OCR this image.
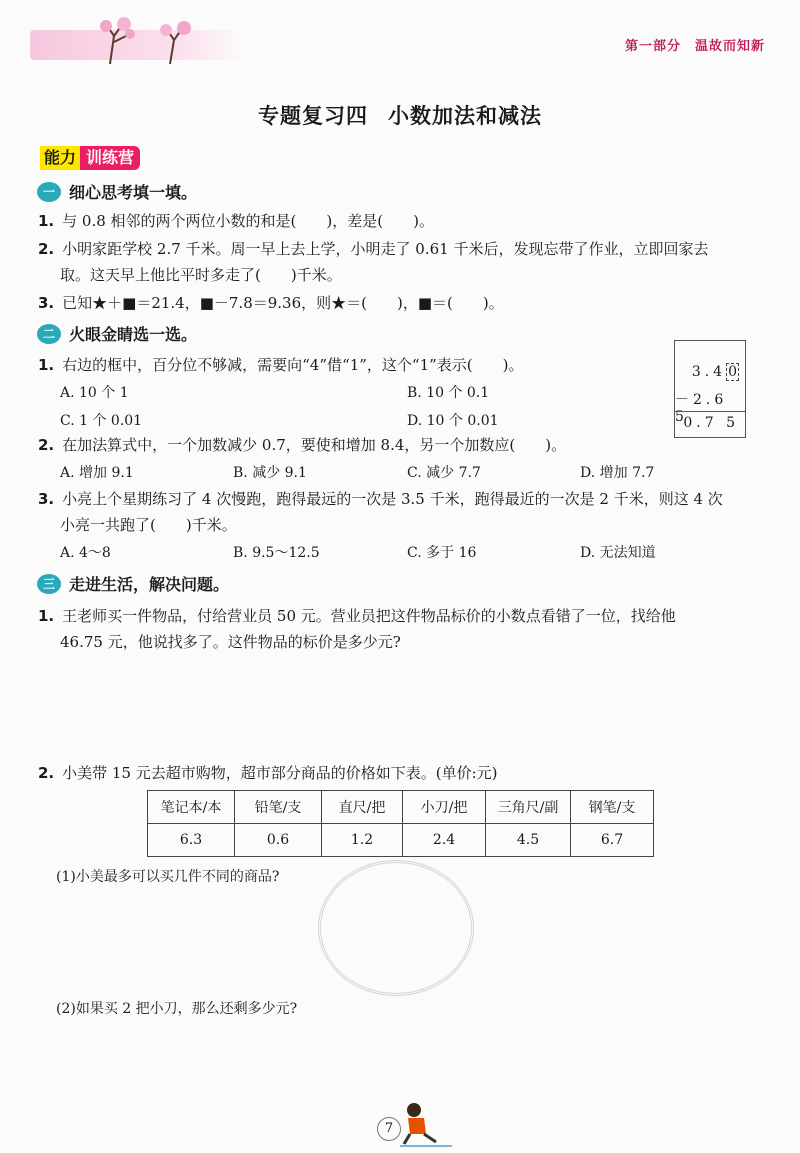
第一部分 温故而知新
专题复习四 小数加法和减法
能力 训练营
一 细心思考填一填。
1. 与 0.8 相邻的两个两位小数的和是(　　)，差是(　　)。
2. 小明家距学校 2.7 千米。周一早上去上学，小明走了 0.61 千米后，发现忘带了作业，立即回家去
取。这天早上他比平时多走了(　　)千米。
3. 已知★＋■＝21.4，■－7.8＝9.36，则★＝(　　)，■＝(　　)。
二 火眼金睛选一选。
1. 右边的框中，百分位不够减，需要向“4”借“1”，这个“1”表示(　　)。
A. 10 个 1	B. 10 个 0.1
C. 1 个 0.01	D. 10 个 0.01
3.4 0
－2.6 5
0.7 5
2. 在加法算式中，一个加数减少 0.7，要使和增加 8.4，另一个加数应(　　)。
A. 增加 9.1	B. 减少 9.1	C. 减少 7.7	D. 增加 7.7
3. 小亮上个星期练习了 4 次慢跑，跑得最远的一次是 3.5 千米，跑得最近的一次是 2 千米，则这 4 次
小亮一共跑了(　　)千米。
A. 4～8	B. 9.5～12.5	C. 多于 16	D. 无法知道
三 走进生活，解决问题。
1. 王老师买一件物品，付给营业员 50 元。营业员把这件物品标价的小数点看错了一位，找给他
46.75 元，他说找多了。这件物品的标价是多少元?
2. 小美带 15 元去超市购物，超市部分商品的价格如下表。(单价:元)
笔记本/本	铅笔/支	直尺/把	小刀/把	三角尺/副	钢笔/支
6.3	0.6	1.2	2.4	4.5	6.7
(1)小美最多可以买几件不同的商品?
(2)如果买 2 把小刀，那么还剩多少元?
7
